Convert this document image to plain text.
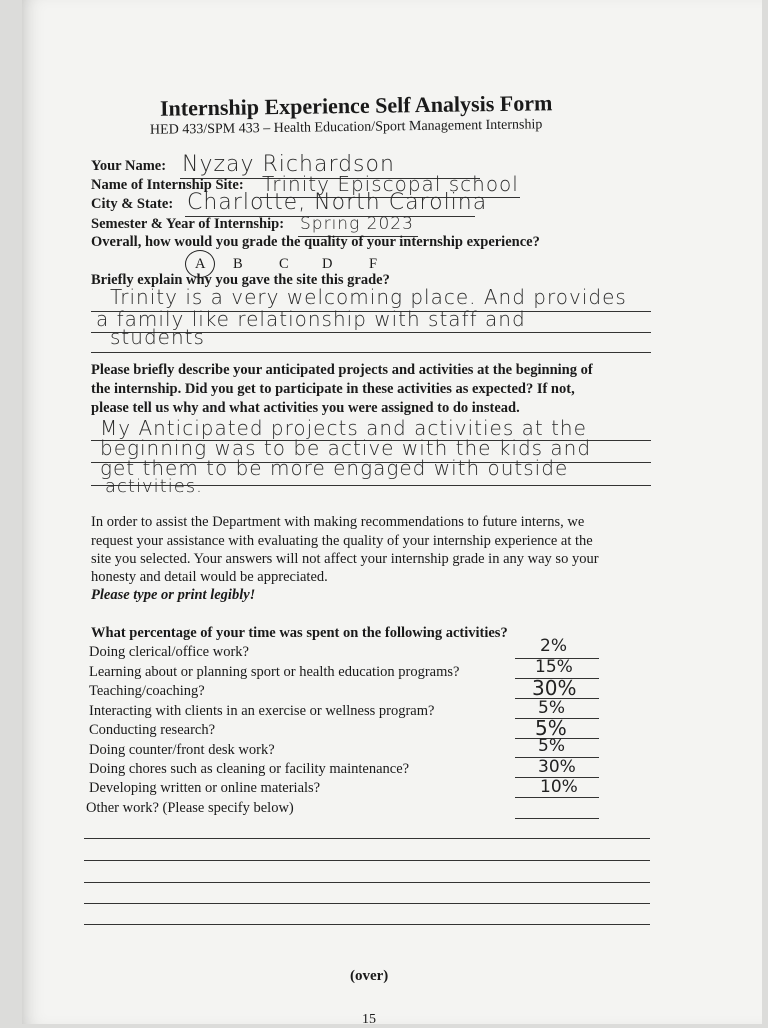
Internship Experience Self Analysis Form
HED 433/SPM 433 – Health Education/Sport Management Internship
Your Name: Nyzay Richardson
Name of Internship Site: Trinity Episcopal school
City & State: Charlotte, North Carolina
Semester & Year of Internship: Spring 2023
Overall, how would you grade the quality of your internship experience?
A B	C D	F
Briefly explain why you gave the site this grade?
Trinity is a very welcoming place. And provides
a family like relationship with staff and
students
Please briefly describe your anticipated projects and activities at the beginning of
the internship. Did you get to participate in these activities as expected? If not,
please tell us why and what activities you were assigned to do instead.
My Anticipated projects and activities at the
beginning was to be active with the kids and
get them to be more engaged with outside
activities.
In order to assist the Department with making recommendations to future interns, we
request your assistance with evaluating the quality of your internship experience at the
site you selected. Your answers will not affect your internship grade in any way so your
honesty and detail would be appreciated.
Please type or print legibly!
What percentage of your time was spent on the following activities?
Doing clerical/office work?	2%
Learning about or planning sport or health education programs?	15%
Teaching/coaching?	30%
Interacting with clients in an exercise or wellness program?	5%
Conducting research?	5%
Doing counter/front desk work?	5%
Doing chores such as cleaning or facility maintenance?	30%
Developing written or online materials?	10%
Other work? (Please specify below)
(over)
15
